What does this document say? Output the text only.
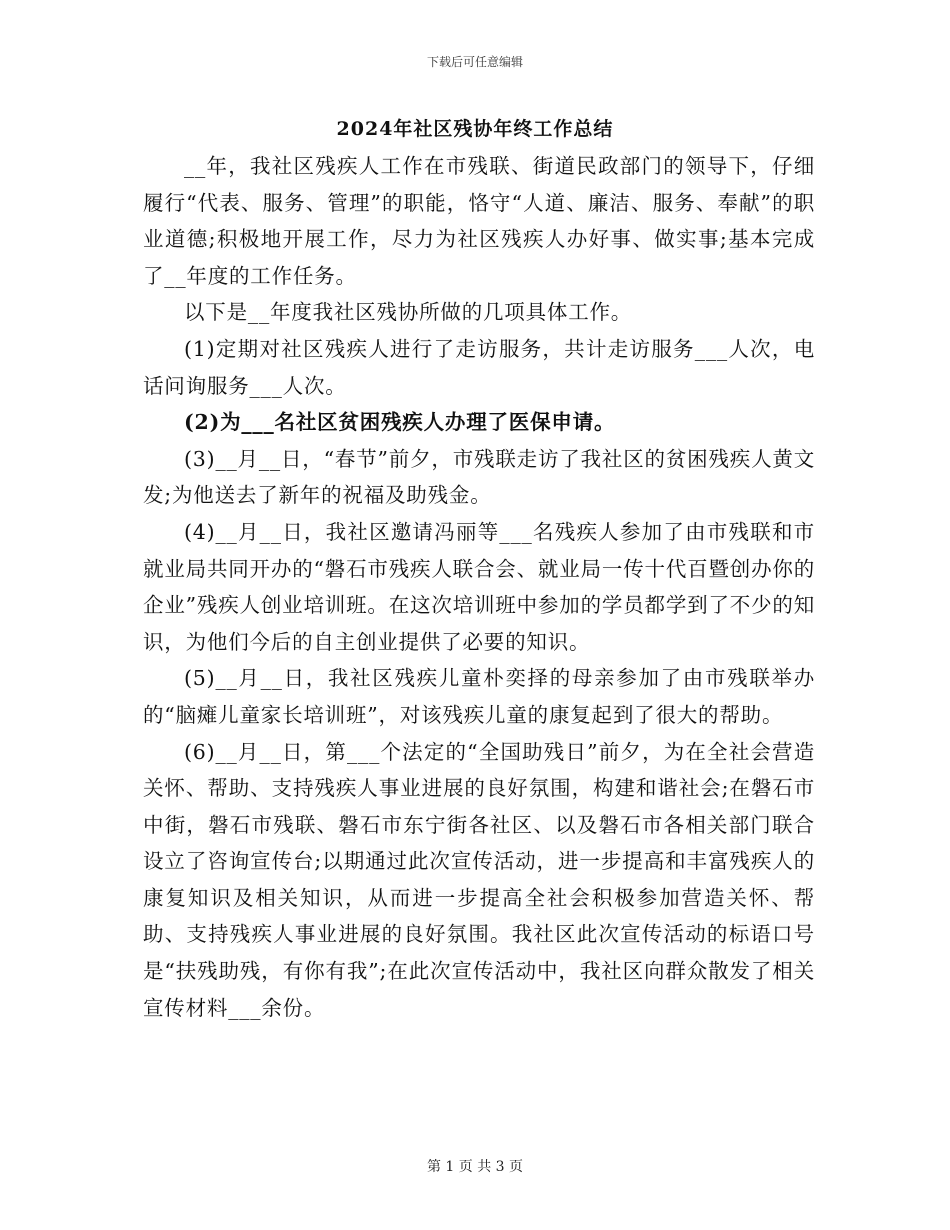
下载后可任意编辑
2024年社区残协年终工作总结

__年，我社区残疾人工作在市残联、街道民政部门的领导下，仔细履行“代表、服务、管理”的职能，恪守“人道、廉洁、服务、奉献”的职业道德;积极地开展工作，尽力为社区残疾人办好事、做实事;基本完成了__年度的工作任务。

以下是__年度我社区残协所做的几项具体工作。

(1)定期对社区残疾人进行了走访服务，共计走访服务___人次，电话问询服务___人次。

(2)为___名社区贫困残疾人办理了医保申请。

(3)__月__日，“春节”前夕，市残联走访了我社区的贫困残疾人黄文发;为他送去了新年的祝福及助残金。

(4)__月__日，我社区邀请冯丽等___名残疾人参加了由市残联和市就业局共同开办的“磐石市残疾人联合会、就业局一传十代百暨创办你的企业”残疾人创业培训班。在这次培训班中参加的学员都学到了不少的知识，为他们今后的自主创业提供了必要的知识。

(5)__月__日，我社区残疾儿童朴奕择的母亲参加了由市残联举办的“脑瘫儿童家长培训班”，对该残疾儿童的康复起到了很大的帮助。

(6)__月__日，第___个法定的“全国助残日”前夕，为在全社会营造关怀、帮助、支持残疾人事业进展的良好氛围，构建和谐社会;在磐石市中街，磐石市残联、磐石市东宁街各社区、以及磐石市各相关部门联合设立了咨询宣传台;以期通过此次宣传活动，进一步提高和丰富残疾人的康复知识及相关知识，从而进一步提高全社会积极参加营造关怀、帮助、支持残疾人事业进展的良好氛围。我社区此次宣传活动的标语口号是“扶残助残，有你有我”;在此次宣传活动中，我社区向群众散发了相关宣传材料___余份。

第 1 页 共 3 页
